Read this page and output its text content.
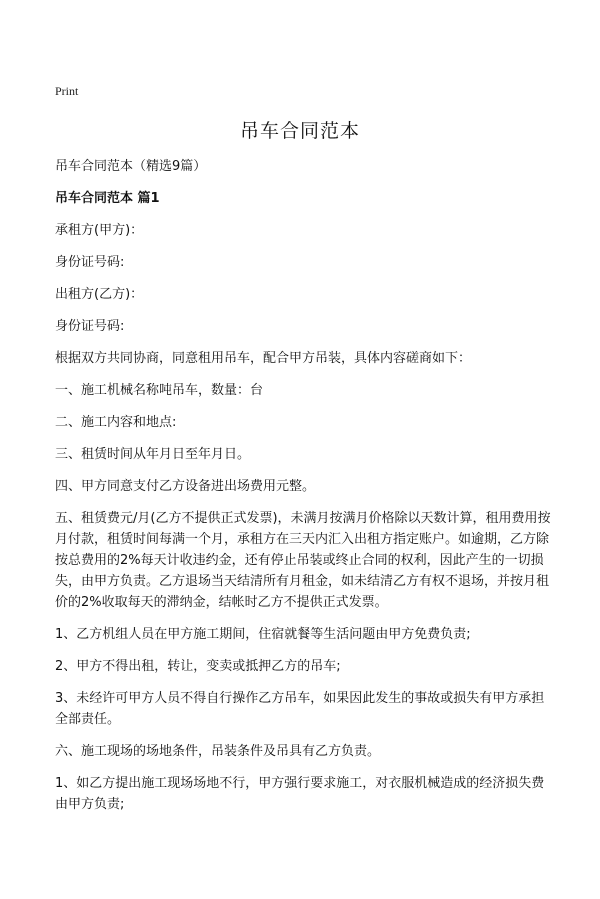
Print
吊车合同范本

吊车合同范本（精选9篇）

吊车合同范本 篇1

承租方(甲方)：

身份证号码:

出租方(乙方)：

身份证号码:

根据双方共同协商，同意租用吊车，配合甲方吊装，具体内容磋商如下：

一、施工机械名称吨吊车，数量：台

二、施工内容和地点:

三、租赁时间从年月日至年月日。

四、甲方同意支付乙方设备进出场费用元整。

五、租赁费元/月(乙方不提供正式发票)，未满月按满月价格除以天数计算，租用费用按月付款，租赁时间每满一个月，承租方在三天内汇入出租方指定账户。如逾期，乙方除按总费用的2%每天计收违约金，还有停止吊装或终止合同的权利，因此产生的一切损失，由甲方负责。乙方退场当天结清所有月租金，如未结清乙方有权不退场，并按月租价的2%收取每天的滞纳金，结帐时乙方不提供正式发票。

1、乙方机组人员在甲方施工期间，住宿就餐等生活问题由甲方免费负责;

2、甲方不得出租，转让，变卖或抵押乙方的吊车;

3、未经许可甲方人员不得自行操作乙方吊车，如果因此发生的事故或损失有甲方承担全部责任。

六、施工现场的场地条件，吊装条件及吊具有乙方负责。

1、如乙方提出施工现场场地不行，甲方强行要求施工，对衣服机械造成的经济损失费由甲方负责;
